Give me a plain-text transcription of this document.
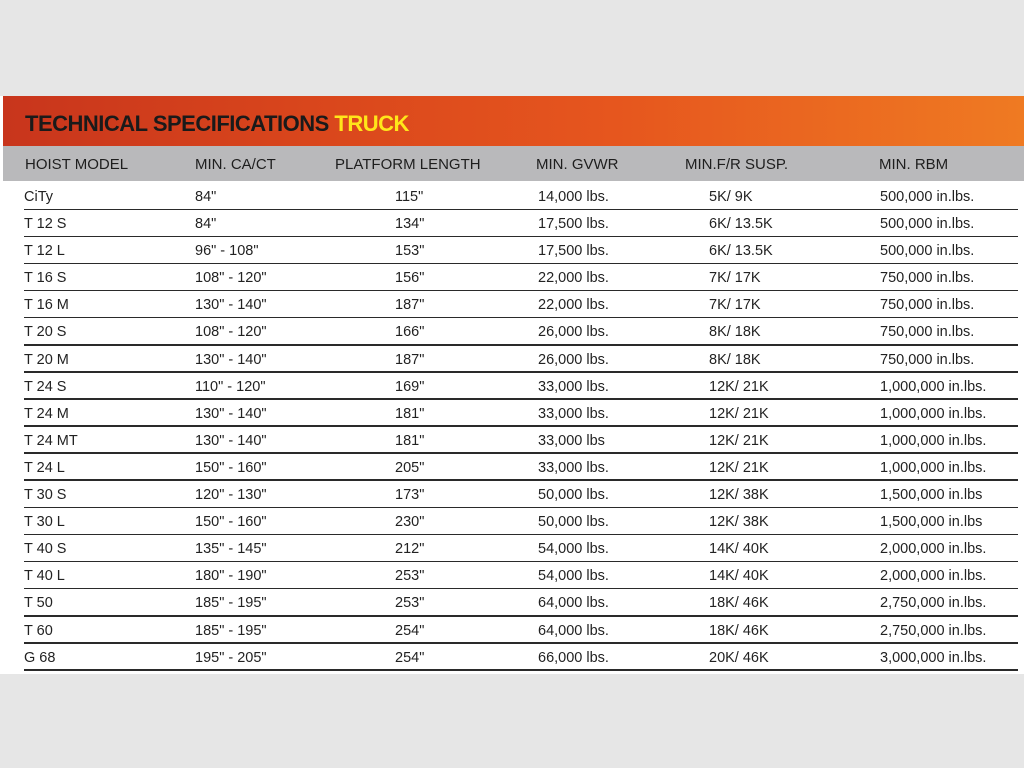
TECHNICAL SPECIFICATIONS TRUCK
HOIST MODEL	MIN. CA/CT	PLATFORM LENGTH	MIN. GVWR	MIN.F/R SUSP.	MIN. RBM
CiTy	84"	115"	14,000 lbs.	5K/ 9K	500,000 in.lbs.
T 12 S	84"	134"	17,500 lbs.	6K/ 13.5K	500,000 in.lbs.
T 12 L	96" - 108"	153"	17,500 lbs.	6K/ 13.5K	500,000 in.lbs.
T 16 S	108" - 120"	156"	22,000 lbs.	7K/ 17K	750,000 in.lbs.
T 16 M	130" - 140"	187"	22,000 lbs.	7K/ 17K	750,000 in.lbs.
T 20 S	108" - 120"	166"	26,000 lbs.	8K/ 18K	750,000 in.lbs.
T 20 M	130" - 140"	187"	26,000 lbs.	8K/ 18K	750,000 in.lbs.
T 24 S	110" - 120"	169"	33,000 lbs.	12K/ 21K	1,000,000 in.lbs.
T 24 M	130" - 140"	181"	33,000 lbs.	12K/ 21K	1,000,000 in.lbs.
T 24 MT	130" - 140"	181"	33,000 lbs	12K/ 21K	1,000,000 in.lbs.
T 24 L	150" - 160"	205"	33,000 lbs.	12K/ 21K	1,000,000 in.lbs.
T 30 S	120" - 130"	173"	50,000 lbs.	12K/ 38K	1,500,000 in.lbs
T 30 L	150" - 160"	230"	50,000 lbs.	12K/ 38K	1,500,000 in.lbs
T 40 S	135" - 145"	212"	54,000 lbs.	14K/ 40K	2,000,000 in.lbs.
T 40 L	180" - 190"	253"	54,000 lbs.	14K/ 40K	2,000,000 in.lbs.
T 50	185" - 195"	253"	64,000 lbs.	18K/ 46K	2,750,000 in.lbs.
T 60	185" - 195"	254"	64,000 lbs.	18K/ 46K	2,750,000 in.lbs.
G 68	195" - 205"	254"	66,000 lbs.	20K/ 46K	3,000,000 in.lbs.
